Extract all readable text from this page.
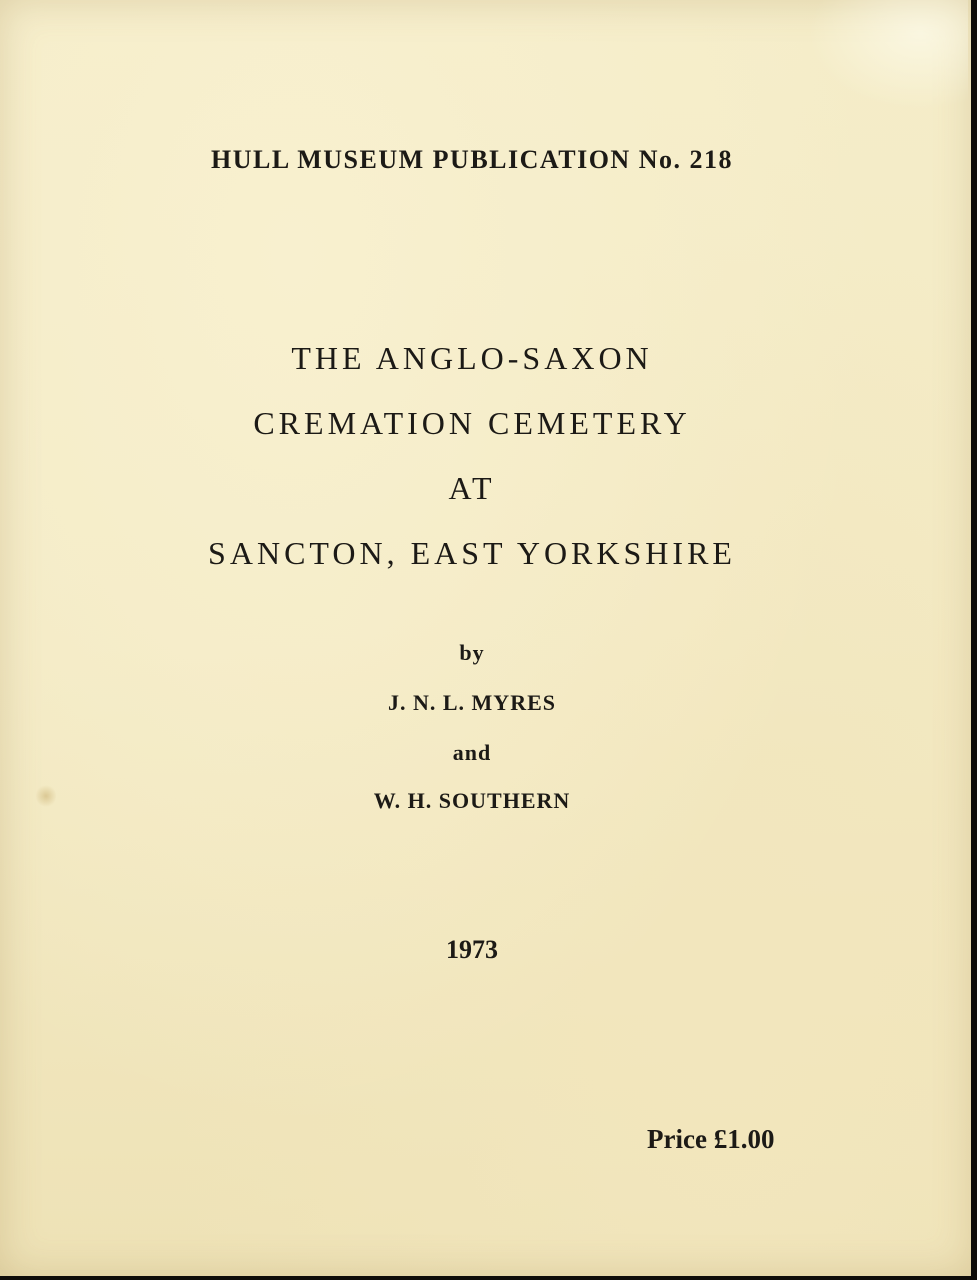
HULL MUSEUM PUBLICATION No. 218
THE ANGLO-SAXON
CREMATION CEMETERY
AT
SANCTON, EAST YORKSHIRE
by
J. N. L. MYRES
and
W. H. SOUTHERN
1973
Price £1.00
